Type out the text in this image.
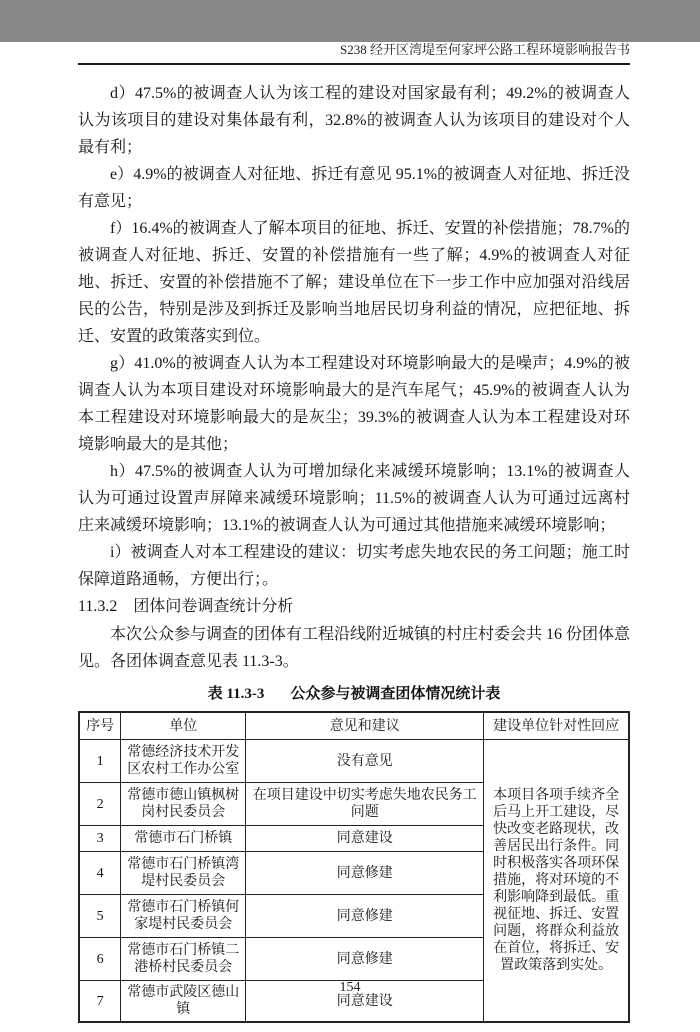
S238 经开区湾堤至何家坪公路工程环境影响报告书

d）47.5%的被调查人认为该工程的建设对国家最有利；49.2%的被调查人认为该项目的建设对集体最有利，32.8%的被调查人认为该项目的建设对个人最有利；

e）4.9%的被调查人对征地、拆迁有意见 95.1%的被调查人对征地、拆迁没有意见；

f）16.4%的被调查人了解本项目的征地、拆迁、安置的补偿措施；78.7%的被调查人对征地、拆迁、安置的补偿措施有一些了解；4.9%的被调查人对征地、拆迁、安置的补偿措施不了解；建设单位在下一步工作中应加强对沿线居民的公告，特别是涉及到拆迁及影响当地居民切身利益的情况，应把征地、拆迁、安置的政策落实到位。

g）41.0%的被调查人认为本工程建设对环境影响最大的是噪声；4.9%的被调查人认为本项目建设对环境影响最大的是汽车尾气；45.9%的被调查人认为本工程建设对环境影响最大的是灰尘；39.3%的被调查人认为本工程建设对环境影响最大的是其他；

h）47.5%的被调查人认为可增加绿化来减缓环境影响；13.1%的被调查人认为可通过设置声屏障来减缓环境影响；11.5%的被调查人认为可通过远离村庄来减缓环境影响；13.1%的被调查人认为可通过其他措施来减缓环境影响；

i）被调查人对本工程建设的建议：切实考虑失地农民的务工问题；施工时保障道路通畅，方便出行；。

11.3.2 团体问卷调查统计分析

本次公众参与调查的团体有工程沿线附近城镇的村庄村委会共 16 份团体意见。各团体调查意见表 11.3-3。

表 11.3-3 公众参与被调查团体情况统计表
序号	单位	意见和建议	建设单位针对性回应
1	常德经济技术开发区农村工作办公室	没有意见	本项目各项手续齐全后马上开工建设，尽快改变老路现状，改善居民出行条件。同时积极落实各项环保措施，将对环境的不利影响降到最低。重视征地、拆迁、安置问题，将群众利益放在首位，将拆迁、安置政策落到实处。
2	常德市德山镇枫树岗村民委员会	在项目建设中切实考虑失地农民务工问题	
3	常德市石门桥镇	同意建设	
4	常德市石门桥镇湾堤村民委员会	同意修建	
5	常德市石门桥镇何家堤村民委员会	同意修建	
6	常德市石门桥镇二港桥村民委员会	同意修建	
7	常德市武陵区德山镇	同意建设	
154
